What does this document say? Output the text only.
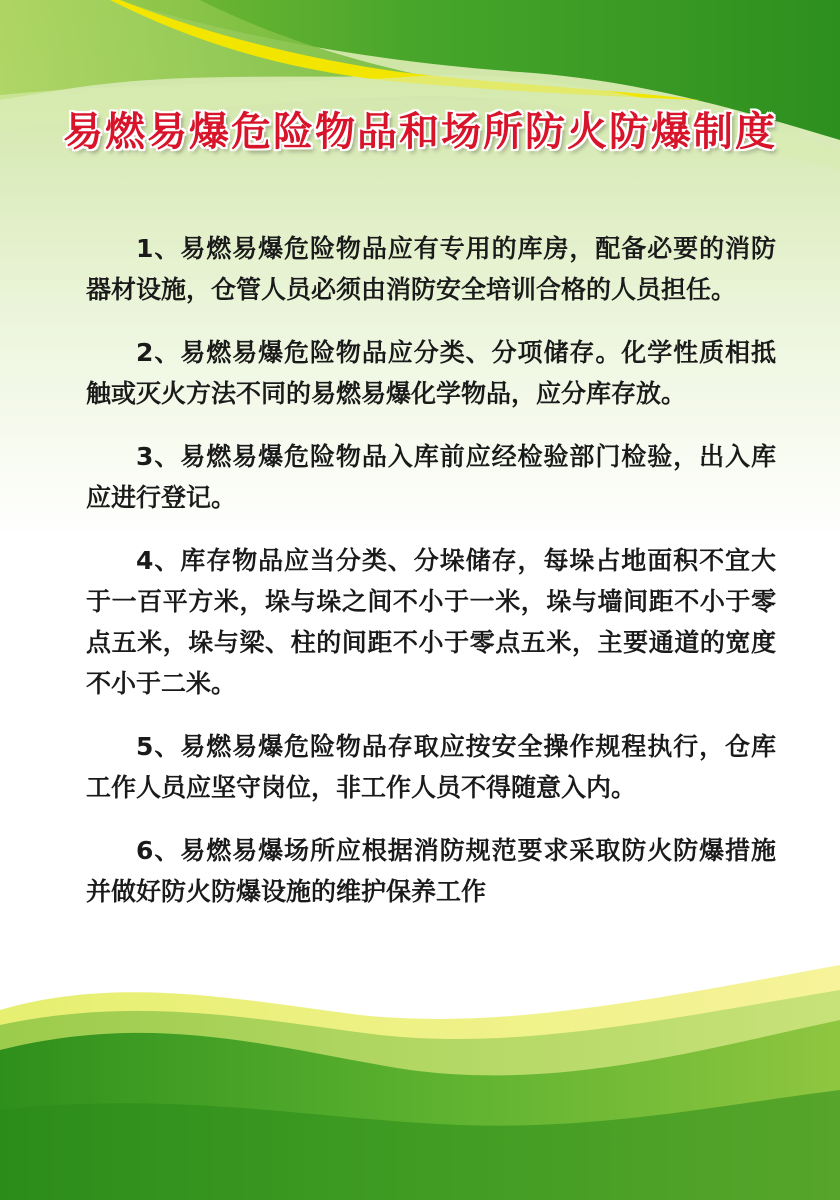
易燃易爆危险物品和场所防火防爆制度

1、易燃易爆危险物品应有专用的库房，配备必要的消防器材设施，仓管人员必须由消防安全培训合格的人员担任。

2、易燃易爆危险物品应分类、分项储存。化学性质相抵触或灭火方法不同的易燃易爆化学物品，应分库存放。

3、易燃易爆危险物品入库前应经检验部门检验，出入库应进行登记。

4、库存物品应当分类、分垛储存，每垛占地面积不宜大于一百平方米，垛与垛之间不小于一米，垛与墙间距不小于零点五米，垛与梁、柱的间距不小于零点五米，主要通道的宽度不小于二米。

5、易燃易爆危险物品存取应按安全操作规程执行，仓库工作人员应坚守岗位，非工作人员不得随意入内。

6、易燃易爆场所应根据消防规范要求采取防火防爆措施并做好防火防爆设施的维护保养工作
